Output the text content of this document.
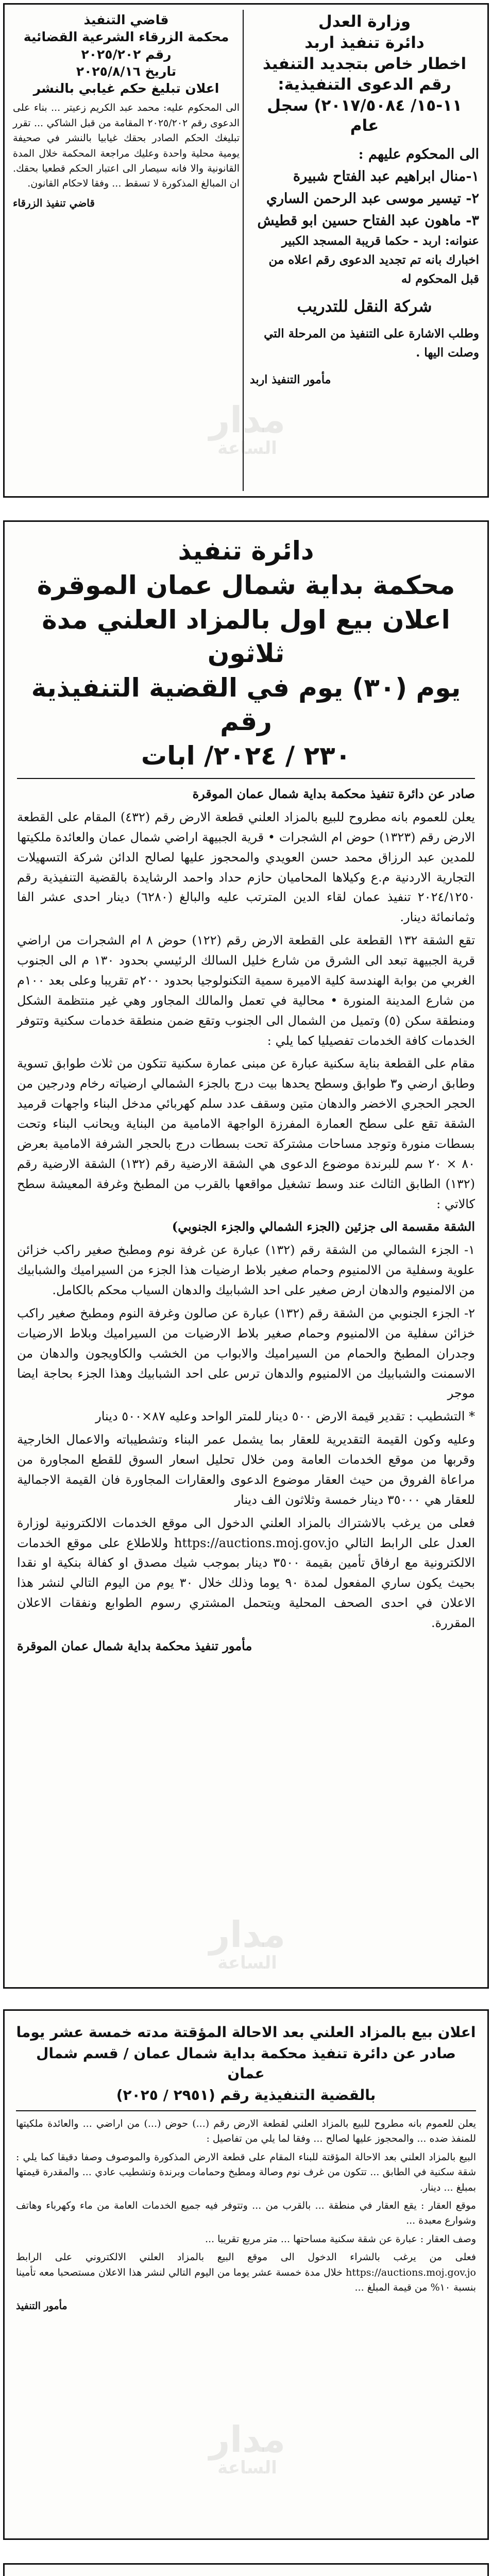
وزارة العدل
دائرة تنفيذ اربد
اخطار خاص بتجديد التنفيذ
رقم الدعوى التنفيذية:
١١-١٥/ ٢٠١٧/٥٠٨٤) سجل عام
الى المحكوم عليهم :
١-منال ابراهيم عبد الفتاح شبيرة
٢- تيسير موسى عبد الرحمن الساري
٣- ماهون عبد الفتاح حسين ابو قطيش
عنوانه: اربد - حكما قريبة المسجد الكبير
اخبارك بانه تم تجديد الدعوى رقم اعلاه من قبل المحكوم له
شركة النقل للتدريب
وطلب الاشارة على التنفيذ من المرحلة التي وصلت اليها .
مأمور التنفيذ اربد
قاضي التنفيذ
محكمة الزرقاء الشرعية القضائية
رقم ٢٠٢٥/٢٠٢
تاريخ ٢٠٢٥/٨/١٦
اعلان تبليغ حكم غيابي بالنشر

الى المحكوم عليه: محمد عبد الكريم زعيتر ... بناء على الدعوى رقم ٢٠٢٥/٢٠٢ المقامة من قبل الشاكي ... تقرر تبليغك الحكم الصادر بحقك غيابيا بالنشر في صحيفة يومية محلية واحدة وعليك مراجعة المحكمة خلال المدة القانونية والا فانه سيصار الى اعتبار الحكم قطعيا بحقك. ان المبالغ المذكورة لا تسقط ... وفقا لاحكام القانون.

قاضي تنفيذ الزرقاء
دائرة تنفيذ
محكمة بداية شمال عمان الموقرة
اعلان بيع اول بالمزاد العلني مدة ثلاثون
يوم (٣٠) يوم في القضية التنفيذية رقم
٢٣٠ / ٢٠٢٤/ ابات

صادر عن دائرة تنفيذ محكمة بداية شمال عمان الموقرة

يعلن للعموم بانه مطروح للبيع بالمزاد العلني قطعة الارض رقم (٤٣٢) المقام على القطعة الارض رقم (١٣٢٣) حوض ام الشجرات • قرية الجبيهة اراضي شمال عمان والعائدة ملكيتها للمدين عبد الرزاق محمد حسن العويدي والمحجوز عليها لصالح الدائن شركة التسهيلات التجارية الاردنية م.ع وكيلاها المحاميان حازم حداد واحمد الرشايدة بالقضية التنفيذية رقم ٢٠٢٤/١٢٥٠ تنفيذ عمان لقاء الدين المترتب عليه والبالغ (٦٢٨٠) دينار احدى عشر الفا وثمانمائة دينار.

تقع الشقة ١٣٢ القطعة على القطعة الارض رقم (١٢٢) حوض ٨ ام الشجرات من اراضي قرية الجبيهة تبعد الى الشرق من شارع خليل السالك الرئيسي بحدود ١٣٠ م الى الجنوب الغربي من بوابة الهندسة كلية الاميرة سمية التكنولوجيا بحدود ٢٠٠م تقريبا وعلى بعد ١٠٠م من شارع المدينة المنورة • محالية في تعمل والمالك المجاور وهي غير منتظمة الشكل ومنطقة سكن (٥) وتميل من الشمال الى الجنوب وتقع ضمن منطقة خدمات سكنية وتتوفر الخدمات كافة الخدمات تفصيليا كما يلي :

مقام على القطعة بناية سكنية عبارة عن مبنى عمارة سكنية تتكون من ثلاث طوابق تسوية وطابق ارضي و٣ طوابق وسطح يحدها بيت درج بالجزء الشمالي ارضياته رخام ودرجين من الحجر الحجري الاخضر والدهان متين وسقف عدد سلم كهربائي مدخل البناء واجهات قرميد الشقة تقع على سطح العمارة المفرزة الواجهة الامامية من البناية ويحانب البناء وتحت بسطات منورة وتوجد مساحات مشتركة تحت بسطات درج بالحجر الشرفة الامامية بعرض ٨٠ × ٢٠ سم للبرندة موضوع الدعوى هي الشقة الارضية رقم (١٣٢) الشقة الارضية رقم (١٣٢) الطابق الثالث عند وسط تشغيل مواقعها بالقرب من المطبخ وغرفة المعيشة سطح كالاتي :

الشقة مقسمة الى جزئين (الجزء الشمالي والجزء الجنوبي)

١- الجزء الشمالي من الشقة رقم (١٣٢) عبارة عن غرفة نوم ومطبخ صغير راكب خزائن علوية وسفلية من الالمنيوم وحمام صغير بلاط ارضيات هذا الجزء من السيراميك والشبابيك من الالمنيوم والدهان ارض صغير على احد الشبابيك والدهان السياب محكم بالكامل.

٢- الجزء الجنوبي من الشقة رقم (١٣٢) عبارة عن صالون وغرفة النوم ومطبخ صغير راكب خزائن سفلية من الالمنيوم وحمام صغير بلاط الارضيات من السيراميك وبلاط الارضيات وجدران المطبخ والحمام من السيراميك والابواب من الخشب والكاويجون والدهان من الاسمنت والشبابيك من الالمنيوم والدهان ترس على احد الشبابيك وهذا الجزء بحاجة ايضا موجر

* التشطيب : تقدير قيمة الارض ٥٠٠ دينار للمتر الواحد وعليه ٨٧×٥٠٠ دينار

وعليه وكون القيمة التقديرية للعقار بما يشمل عمر البناء وتشطيباته والاعمال الخارجية وقربها من موقع الخدمات العامة ومن خلال تحليل اسعار السوق للقطع المجاورة من مراعاة الفروق من حيث العقار موضوع الدعوى والعقارات المجاورة فان القيمة الاجمالية للعقار هي ٣٥٠٠٠ دينار خمسة وثلاثون الف دينار

فعلى من يرغب بالاشتراك بالمزاد العلني الدخول الى موقع الخدمات الالكترونية لوزارة العدل على الرابط التالي https://auctions.moj.gov.jo وللاطلاع على موقع الخدمات الالكترونية مع ارفاق تأمين بقيمة ٣٥٠٠ دينار بموجب شيك مصدق او كفالة بنكية او نقدا بحيث يكون ساري المفعول لمدة ٩٠ يوما وذلك خلال ٣٠ يوم من اليوم التالي لنشر هذا الاعلان في احدى الصحف المحلية ويتحمل المشتري رسوم الطوابع ونفقات الاعلان المقررة.

مأمور تنفيذ محكمة بداية شمال عمان الموقرة

اعلان بيع بالمزاد العلني بعد الاحالة المؤقتة مدته خمسة عشر يوما
صادر عن دائرة تنفيذ محكمة بداية شمال عمان / قسم شمال عمان
بالقضية التنفيذية رقم (٢٩٥١ / ٢٠٢٥)

يعلن للعموم بانه مطروح للبيع بالمزاد العلني لقطعة الارض رقم (...) حوض (...) من اراضي ... والعائدة ملكيتها للمنفذ ضده ... والمحجوز عليها لصالح ... وفقا لما يلي من تفاصيل :

البيع بالمزاد العلني بعد الاحالة المؤقتة للبناء المقام على قطعة الارض المذكورة والموصوف وصفا دقيقا كما يلي : شقة سكنية في الطابق ... تتكون من غرف نوم وصالة ومطبخ وحمامات وبرندة وتشطيب عادي ... والمقدرة قيمتها بمبلغ ... دينار.

موقع العقار : يقع العقار في منطقة ... بالقرب من ... وتتوفر فيه جميع الخدمات العامة من ماء وكهرباء وهاتف وشوارع معبدة ...

وصف العقار : عبارة عن شقة سكنية مساحتها ... متر مربع تقريبا ...

فعلى من يرغب بالشراء الدخول الى موقع البيع بالمزاد العلني الالكتروني على الرابط https://auctions.moj.gov.jo خلال مدة خمسة عشر يوما من اليوم التالي لنشر هذا الاعلان مستصحبا معه تأمينا بنسبة ١٠% من قيمة المبلغ ...

مأمور التنفيذ
